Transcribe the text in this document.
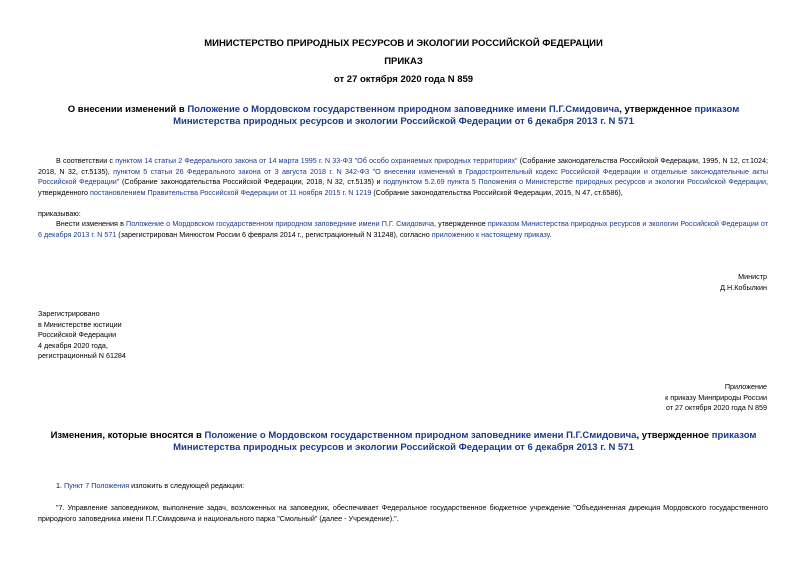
МИНИСТЕРСТВО ПРИРОДНЫХ РЕСУРСОВ И ЭКОЛОГИИ РОССИЙСКОЙ ФЕДЕРАЦИИ
ПРИКАЗ
от 27 октября 2020 года N 859
О внесении изменений в Положение о Мордовском государственном природном заповеднике имени П.Г.Смидовича, утвержденное приказом Министерства природных ресурсов и экологии Российской Федерации от 6 декабря 2013 г. N 571
В соответствии с пунктом 14 статьи 2 Федерального закона от 14 марта 1995 г. N 33-ФЗ "Об особо охраняемых природных территориях" (Собрание законодательства Российской Федерации, 1995, N 12, ст.1024; 2018, N 32, ст.5135), пунктом 5 статьи 26 Федерального закона от 3 августа 2018 г. N 342-ФЗ "О внесении изменений в Градостроительный кодекс Российской Федерации и отдельные законодательные акты Российской Федерации" (Собрание законодательства Российской Федерации, 2018, N 32, ст.5135) и подпунктом 5.2.69 пункта 5 Положения о Министерстве природных ресурсов и экологии Российской Федерации, утвержденного постановлением Правительства Российской Федерации от 11 ноября 2015 г. N 1219 (Собрание законодательства Российской Федерации, 2015, N 47, ст.6586),
приказываю:
Внести изменения в Положение о Мордовском государственном природном заповеднике имени П.Г. Смидовича, утвержденное приказом Министерства природных ресурсов и экологии Российской Федерации от 6 декабря 2013 г. N 571 (зарегистрирован Минюстом России 6 февраля 2014 г., регистрационный N 31248), согласно приложению к настоящему приказу.
Министр
Д.Н.Кобылкин
Зарегистрировано
в Министерстве юстиции
Российской Федерации
4 декабря 2020 года,
регистрационный N 61284
Приложение
к приказу Минприроды России
от 27 октября 2020 года N 859
Изменения, которые вносятся в Положение о Мордовском государственном природном заповеднике имени П.Г.Смидовича, утвержденное приказом Министерства природных ресурсов и экологии Российской Федерации от 6 декабря 2013 г. N 571
1. Пункт 7 Положения изложить в следующей редакции:
"7. Управление заповедником, выполнение задач, возложенных на заповедник, обеспечивает Федеральное государственное бюджетное учреждение "Объединенная дирекция Мордовского государственного природного заповедника имени П.Г.Смидовича и национального парка "Смольный" (далее - Учреждение).".
